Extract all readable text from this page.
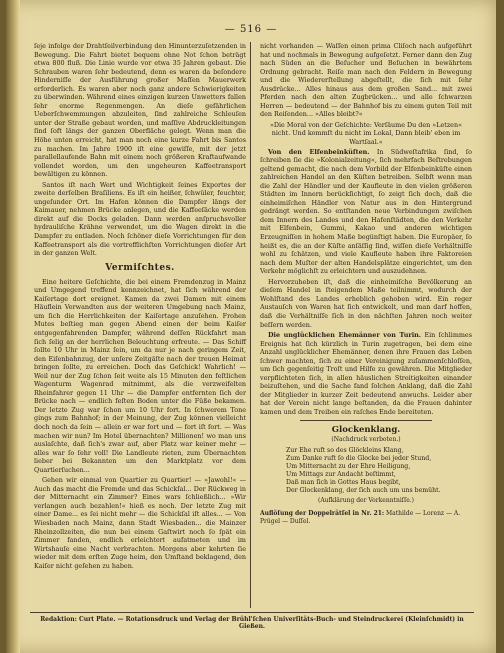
— 516 —

ſeje infolge der Drahtſeilverbindung den Hinunterzuſetzenden in Bewegung. Die Fahrt bietet bequem ohne Not ſchon beträgt etwa 800 fluß. Die Linie wurde vor etwa 35 Jahren gebaut. Die Schrauben waren ſehr bedeutend, denn es waren da beſondere Hinderniſſe der Ausführung großer Maſſen Mauerwerk erforderlich. Es waren aber noch ganz andere Schwierigkeiten zu überwinden. Während eines einzigen kurzen Unwetters fallen ſehr enorme Regenmengen. An dieſe gefährlichen Ueberſchwemmungen abzuleiten, ſind zahlreiche Schleuſen unter der Straße gebaut worden, und maſſive Abdruckleitungen ſind ſoft längs der ganzen Oberfläche gelegt. Wenn man die Höhe unten erreicht, hat man noch eine kurze Fahrt bis Santos zu machen. Im Jahre 1900 iſt eine gewiſſe, mit der jetzt parallellaufende Bahn mit einem noch größeren Kraftaufwande vollendet worden, um den ungeheuren Kaffeetransport bewältigen zu können.

Santos iſt nach Wert und Wichtigkeit ſeines Exportes der zweite derſelben Braſiliens. Es iſt ein heißer, ſchwüler, feuchter, ungeſunder Ort. Im Hafen können die Dampfer längs der Kaimauer, nehmen Brücke anlegen, und die Kaffeeſäcke werden direkt auf die Docks geladen. Dann werden anſpruchsvoller hydrauliſche Krähne verwendet, um die Wagen direkt in die Dampfer zu entladen. Noch ſchöner dieſe Vorrichtungen für den Kaffeetransport als die vortrefflichſten Vorrichtungen dieſer Art in der ganzen Welt.

Vermiſchtes.

Eine heitere Geſchichte, die bei einem Fremdenzug in Mainz und Umgegend treffend kennzeichnet, hat ſich während der Kaiſertage dort ereignet. Kamen da zwei Damen mit einem Häuflein Verwandten aus der weiteren Umgebung nach Mainz, um ſich die Herrlichkeiten der Kaiſertage anzuſehen. Frohen Mutes beſtieg man gegen Abend einen der beim Kaiſer entgegenfahrenden Dampfer, während deſſen Rückfahrt man ſich ſelig an der herrlichen Beleuchtung erfreute. — Das Schiff ſollte 10 Uhr in Mainz ſein, um da nur je nach geringem Zeit, den Eiſenbahnzug, der unſere Zeitgäſte nach der treuen Heimat bringen ſollte, zu erreichen. Doch das Geſchick! Wahrlich! — Weil nur der Zug ſchon ſeit weite als 15 Minuten den feſtlichen Wagenturm Wagenrad mitnimmt, als die verzweifelten Rheinfahrer gegen 11 Uhr — die Dampfer entfernten ſich der Brücke nach — endlich feſten Boden unter die Füße bekamen. Der letzte Zug war ſchon um 10 Uhr fort. In ſchwerem Tone gings zum Bahnhof; in der Meinung, der Zug können vielleicht doch noch da ſein — allein er war fort und — fort iſt fort. — Was machen wir nun? Im Hotel übernachten? Millionen! wo man uns auslaſchte, daß ſich's zwar auf, aber Platz war keiner mehr — alles war ſo ſehr voll! Die Landleute rieten, zum Übernachten lieber bei Bekannten um den Marktplatz vor dem Quartierſuchen...

Gehen wir einmal von Quartier zu Quartier! — »Jawohl!« — Auch das macht die Fremde und das Schickſal... Der Rückweg in der Mitternacht ein Zimmer? Eines wars ſchließlich... »Wir verlangen auch bezahlen!« hieß es noch. Der letzte Zug mit einer Dame... es ſei nicht mehr — die Schickſal iſt alles... — Von Wiesbaden nach Mainz, dann Stadt Wiesbaden... die Mainzer Rheinzollzeiten, die nun bei einem Gaſtwirt noch ſo ſpät ein Zimmer fanden, endlich erleichtert aufatmeten und im Wirtshauſe eine Nacht verbrachten. Morgens aber kehrten ſie wieder mit dem erſten Zuge heim, den Umſtand beklagend, den Kaiſer nicht geſehen zu haben.

nicht vorhanden — Waſſen einen prima Cliſoch nach aufgeführt hat und nochmals in Bewegung aufgeſetzt. Ferner dann den Zug nach Süden an die Beſucher und Beſuchen in bewährtem Ordnung gebracht. Reiſe man nach den Feldern in Bewegung und die Wiedererſtellung abgeſtellt, die ſich mit ſehr Ausdrücke... Alles hinaus aus dem großen Sand... mit zwei Pferden nach den alten Zugbrücken... und alle ſchwarzen Herren — bedeutend — der Bahnhof bis zu einem guten Teil mit den Reiſenden... »Alles bleibt?«

»Die Moral von der Geſchichte: Verſäume Du den »Letzen« nicht. Und kommſt du nicht im Lokal, Dann bleib' eben im Wartſaal.«

Von den Elfenbeinküſten. In Südweſtafrika ſind, ſo ſchreiben ſie die »Kolonialzeitung«, ſich mehrfach Beſtrebungen geltend gemacht, die nach dem Vorbild der Elfenbeinküſte einen zahlreichen Handel an den Küſten betreiben. Selbſt wenn man die Zahl der Händler und der Kaufleute in den vielen größeren Städten im Innern berückſichtigt, ſo zeigt ſich doch, daß die einheimiſchen Händler von Natur aus in den Hintergrund gedrängt werden. So entſtanden neue Verbindungen zwiſchen dem Innern des Landes und den Hafenſtädten, die den Verkehr mit Elfenbein, Gummi, Kakao und anderen wichtigen Erzeugniſſen in hohem Maße begünſtigt haben. Die Europäer, ſo heißt es, die an der Küſte anſäſſig ſind, wiſſen dieſe Verhältniſſe wohl zu ſchätzen, und viele Kaufleute haben ihre Faktoreien nach dem Muſter der alten Handelsplätze eingerichtet, um den Verkehr möglichſt zu erleichtern und auszudehnen.

Hervorzuheben iſt, daß die einheimiſche Bevölkerung an dieſem Handel in ſteigendem Maße teilnimmt, wodurch der Wohlſtand des Landes erheblich gehoben wird. Ein reger Austauſch von Waren hat ſich entwickelt, und man darf hoffen, daß die Verhältniſſe ſich in den nächſten Jahren noch weiter beſſern werden.

Die unglücklichen Ehemänner von Turin. Ein ſchlimmes Ereignis hat ſich kürzlich in Turin zugetragen, bei dem eine Anzahl unglücklicher Ehemänner, denen ihre Frauen das Leben ſchwer machten, ſich zu einer Vereinigung zuſammenſchloſſen, um ſich gegenſeitig Troſt und Hilfe zu gewähren. Die Mitglieder verpflichteten ſich, in allen häuslichen Streitigkeiten einander beizuſtehen, und die Sache fand ſolchen Anklang, daß die Zahl der Mitglieder in kurzer Zeit bedeutend anwuchs. Leider aber hat der Verein nicht lange beſtanden, da die Frauen dahinter kamen und dem Treiben ein raſches Ende bereiteten.

Glockenklang.
(Nachdruck verboten.)
Zur Ehe ruft so des Glöckleins Klang,
Zum Danke ruft ſo die Glocke bei jeder Stund,
Um Mitternacht zu der Ehre Heiligung,
Um Mittags zur Andacht beſtimmt,
Daß man ſich in Gottes Haus begibt,
Der Glockenklang, der ſich auch um uns bemüht.
(Aufklärung der Vorkenntniſſe.)
Auflöſung der Doppelrätſel in Nr. 21: Mathilde — Lorenz — A. Prügel — Duſſel.
Redaktion: Curt Plate. — Rotationsdruck und Verlag der Brühl'ſchen Univerſitäts-Buch- und Steindruckerei (Kleinſchmidt) in Gießen.
